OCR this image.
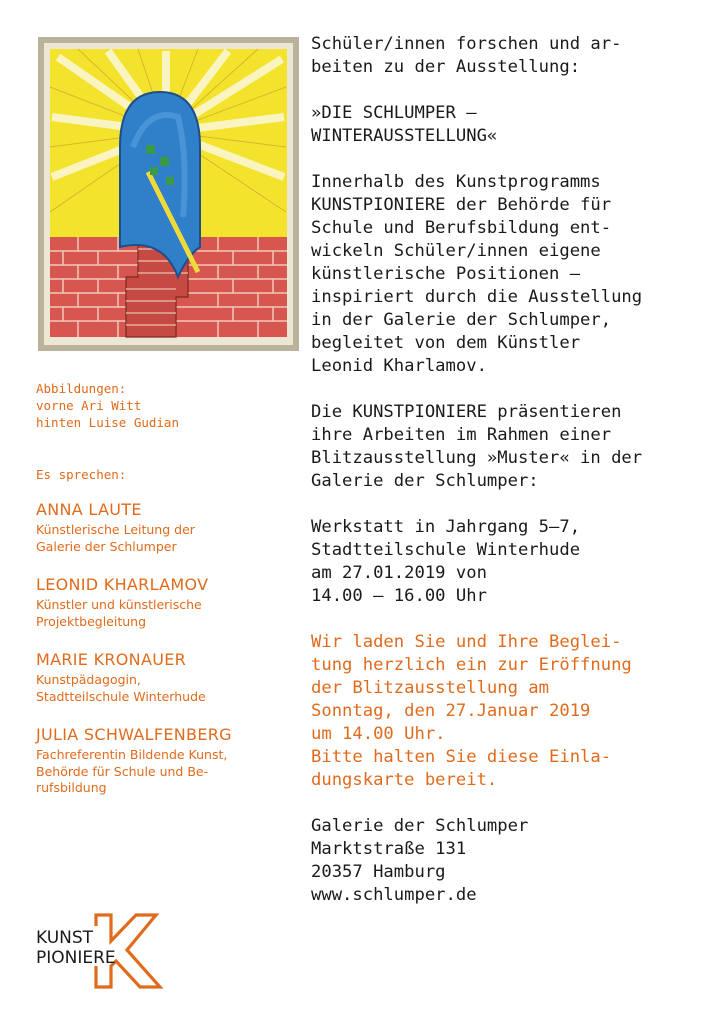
Abbildungen:
vorne Ari Witt
hinten Luise Gudian

Es sprechen:

ANNA LAUTE
Künstlerische Leitung der
Galerie der Schlumper
LEONID KHARLAMOV
Künstler und künstlerische
Projektbegleitung
MARIE KRONAUER
Kunstpädagogin,
Stadtteilschule Winterhude
JULIA SCHWALFENBERG
Fachreferentin Bildende Kunst,
Behörde für Schule und Be-
rufsbildung

Schüler/innen forschen und ar-
beiten zu der Ausstellung:

»DIE SCHLUMPER –
WINTERAUSSTELLUNG«

Innerhalb des Kunstprogramms
KUNSTPIONIERE der Behörde für
Schule und Berufsbildung ent-
wickeln Schüler/innen eigene
künstlerische Positionen –
inspiriert durch die Ausstellung
in der Galerie der Schlumper,
begleitet von dem Künstler
Leonid Kharlamov.

Die KUNSTPIONIERE präsentieren
ihre Arbeiten im Rahmen einer
Blitzausstellung »Muster« in der
Galerie der Schlumper:

Werkstatt in Jahrgang 5–7,
Stadtteilschule Winterhude
am 27.01.2019 von
14.00 – 16.00 Uhr

Wir laden Sie und Ihre Beglei-
tung herzlich ein zur Eröffnung
der Blitzausstellung am
Sonntag, den 27.Januar 2019
um 14.00 Uhr.
Bitte halten Sie diese Einla-
dungskarte bereit.

Galerie der Schlumper
Marktstraße 131
20357 Hamburg
www.schlumper.de

KUNST
PIONIERE
